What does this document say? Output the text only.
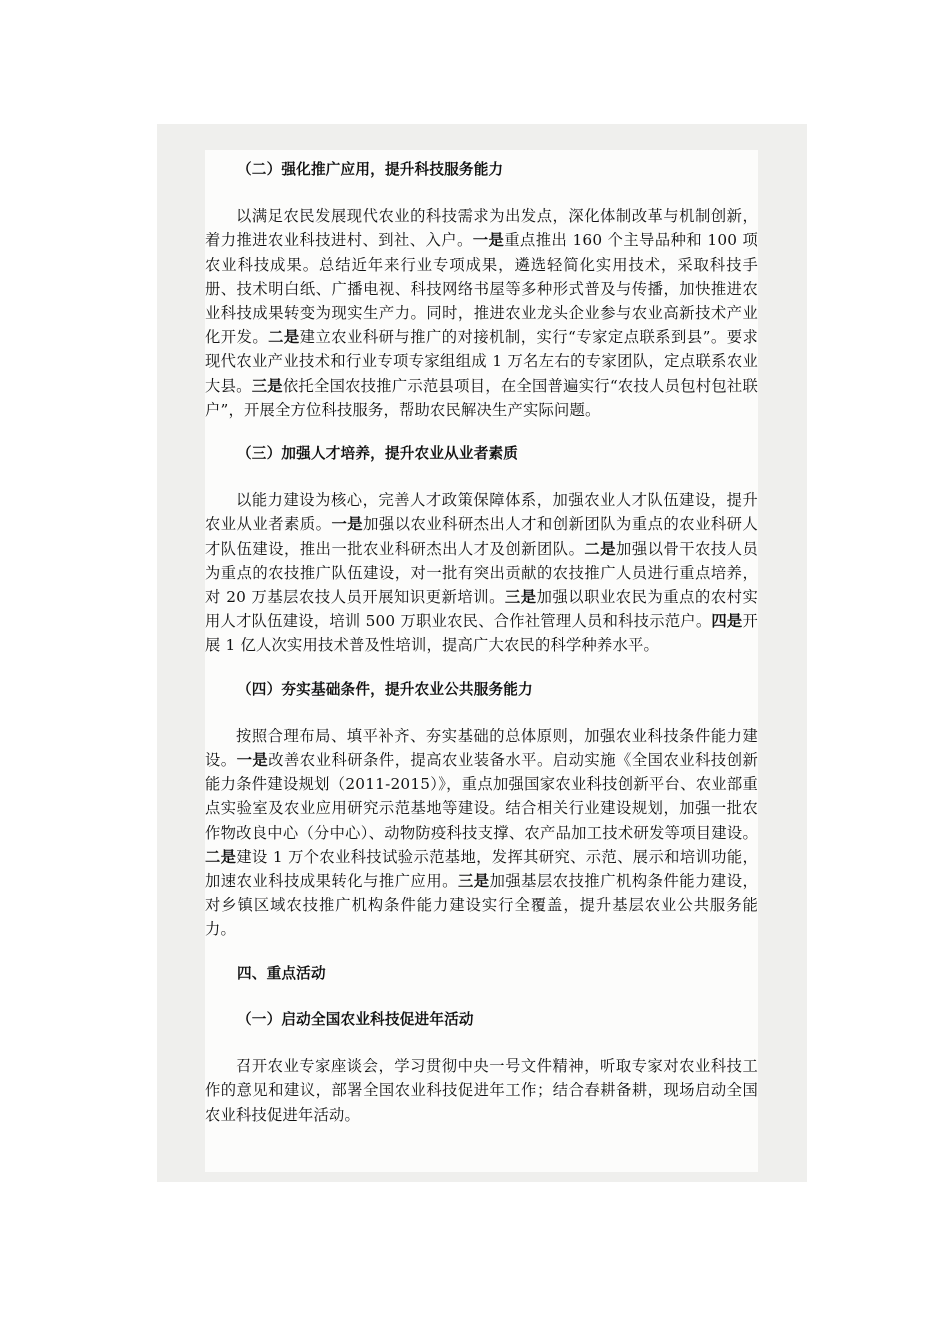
（二）强化推广应用，提升科技服务能力

以满足农民发展现代农业的科技需求为出发点，深化体制改革与机制创新，着力推进农业科技进村、到社、入户。一是重点推出 160 个主导品种和 100 项农业科技成果。总结近年来行业专项成果，遴选轻简化实用技术，采取科技手册、技术明白纸、广播电视、科技网络书屋等多种形式普及与传播，加快推进农业科技成果转变为现实生产力。同时，推进农业龙头企业参与农业高新技术产业化开发。二是建立农业科研与推广的对接机制，实行“专家定点联系到县”。要求现代农业产业技术和行业专项专家组组成 1 万名左右的专家团队，定点联系农业大县。三是依托全国农技推广示范县项目，在全国普遍实行“农技人员包村包社联户”，开展全方位科技服务，帮助农民解决生产实际问题。

（三）加强人才培养，提升农业从业者素质

以能力建设为核心，完善人才政策保障体系，加强农业人才队伍建设，提升农业从业者素质。一是加强以农业科研杰出人才和创新团队为重点的农业科研人才队伍建设，推出一批农业科研杰出人才及创新团队。二是加强以骨干农技人员为重点的农技推广队伍建设，对一批有突出贡献的农技推广人员进行重点培养，对 20 万基层农技人员开展知识更新培训。三是加强以职业农民为重点的农村实用人才队伍建设，培训 500 万职业农民、合作社管理人员和科技示范户。四是开展 1 亿人次实用技术普及性培训，提高广大农民的科学种养水平。

（四）夯实基础条件，提升农业公共服务能力

按照合理布局、填平补齐、夯实基础的总体原则，加强农业科技条件能力建设。一是改善农业科研条件，提高农业装备水平。启动实施《全国农业科技创新能力条件建设规划（2011-2015）》，重点加强国家农业科技创新平台、农业部重点实验室及农业应用研究示范基地等建设。结合相关行业建设规划，加强一批农作物改良中心（分中心）、动物防疫科技支撑、农产品加工技术研发等项目建设。二是建设 1 万个农业科技试验示范基地，发挥其研究、示范、展示和培训功能，加速农业科技成果转化与推广应用。三是加强基层农技推广机构条件能力建设，对乡镇区域农技推广机构条件能力建设实行全覆盖，提升基层农业公共服务能力。

四、重点活动

（一）启动全国农业科技促进年活动

召开农业专家座谈会，学习贯彻中央一号文件精神，听取专家对农业科技工作的意见和建议，部署全国农业科技促进年工作；结合春耕备耕，现场启动全国农业科技促进年活动。
